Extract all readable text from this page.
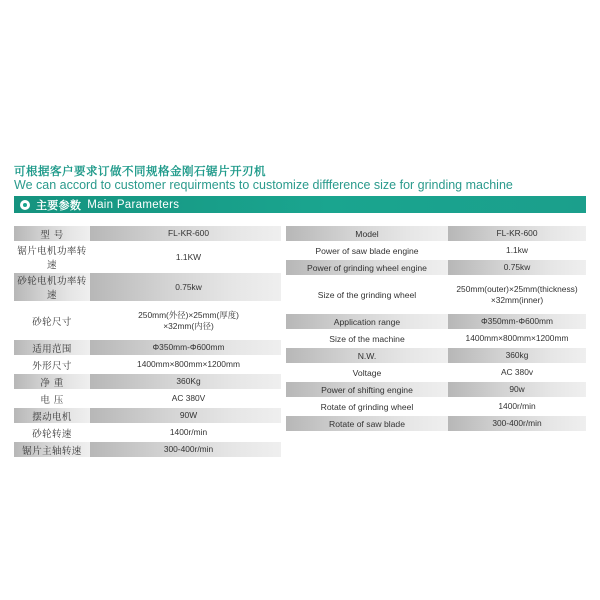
可根据客户要求订做不同规格金刚石锯片开刃机
We can accord to customer requirments to customize diffference size for grinding machine
主要参数 Main Parameters
型 号	FL-KR-600
锯片电机功率转速	1.1KW
砂轮电机功率转速	0.75kw
砂轮尺寸	250mm(外径)×25mm(厚度)
×32mm(内径)
适用范围	Φ350mm-Φ600mm
外形尺寸	1400mm×800mm×1200mm
净 重	360Kg
电 压	AC 380V
摆动电机	90W
砂轮转速	1400r/min
锯片主轴转速	300-400r/min
Model	FL-KR-600
Power of saw blade engine	1.1kw
Power of grinding wheel engine	0.75kw
Size of the grinding wheel	250mm(outer)×25mm(thickness)
×32mm(inner)
Application range	Φ350mm-Φ600mm
Size of the machine	1400mm×800mm×1200mm
N.W.	360kg
Voltage	AC 380v
Power of shifting engine	90w
Rotate of grinding wheel	1400r/min
Rotate of saw blade	300-400r/min
